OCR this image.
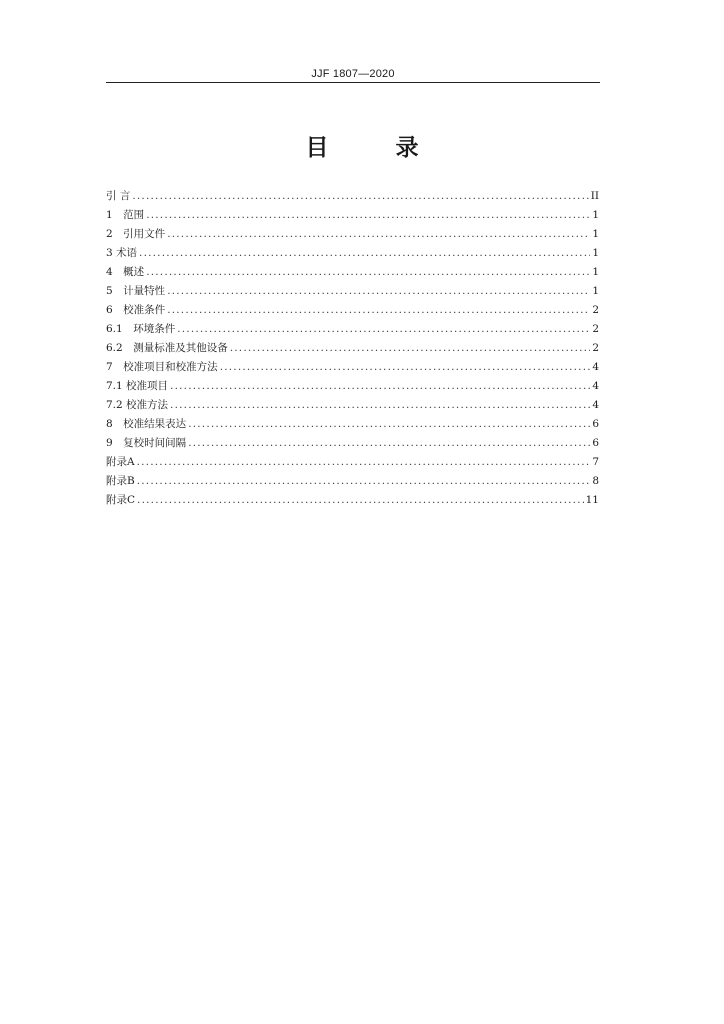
JJF 1807—2020
目　录
引 言 .....	II
1　范围 .....	1
2　引用文件 .....	1
3 术语 .....	1
4　概述 .....	1
5　计量特性 .....	1
6　校准条件 .....	2
6.1　环境条件 .....	2
6.2　测量标准及其他设备 .....	2
7　校准项目和校准方法 .....	4
7.1 校准项目 .....	4
7.2 校准方法 .....	4
8　校准结果表达 .....	6
9　复校时间间隔 .....	6
附录A .....	7
附录B .....	8
附录C .....	11
